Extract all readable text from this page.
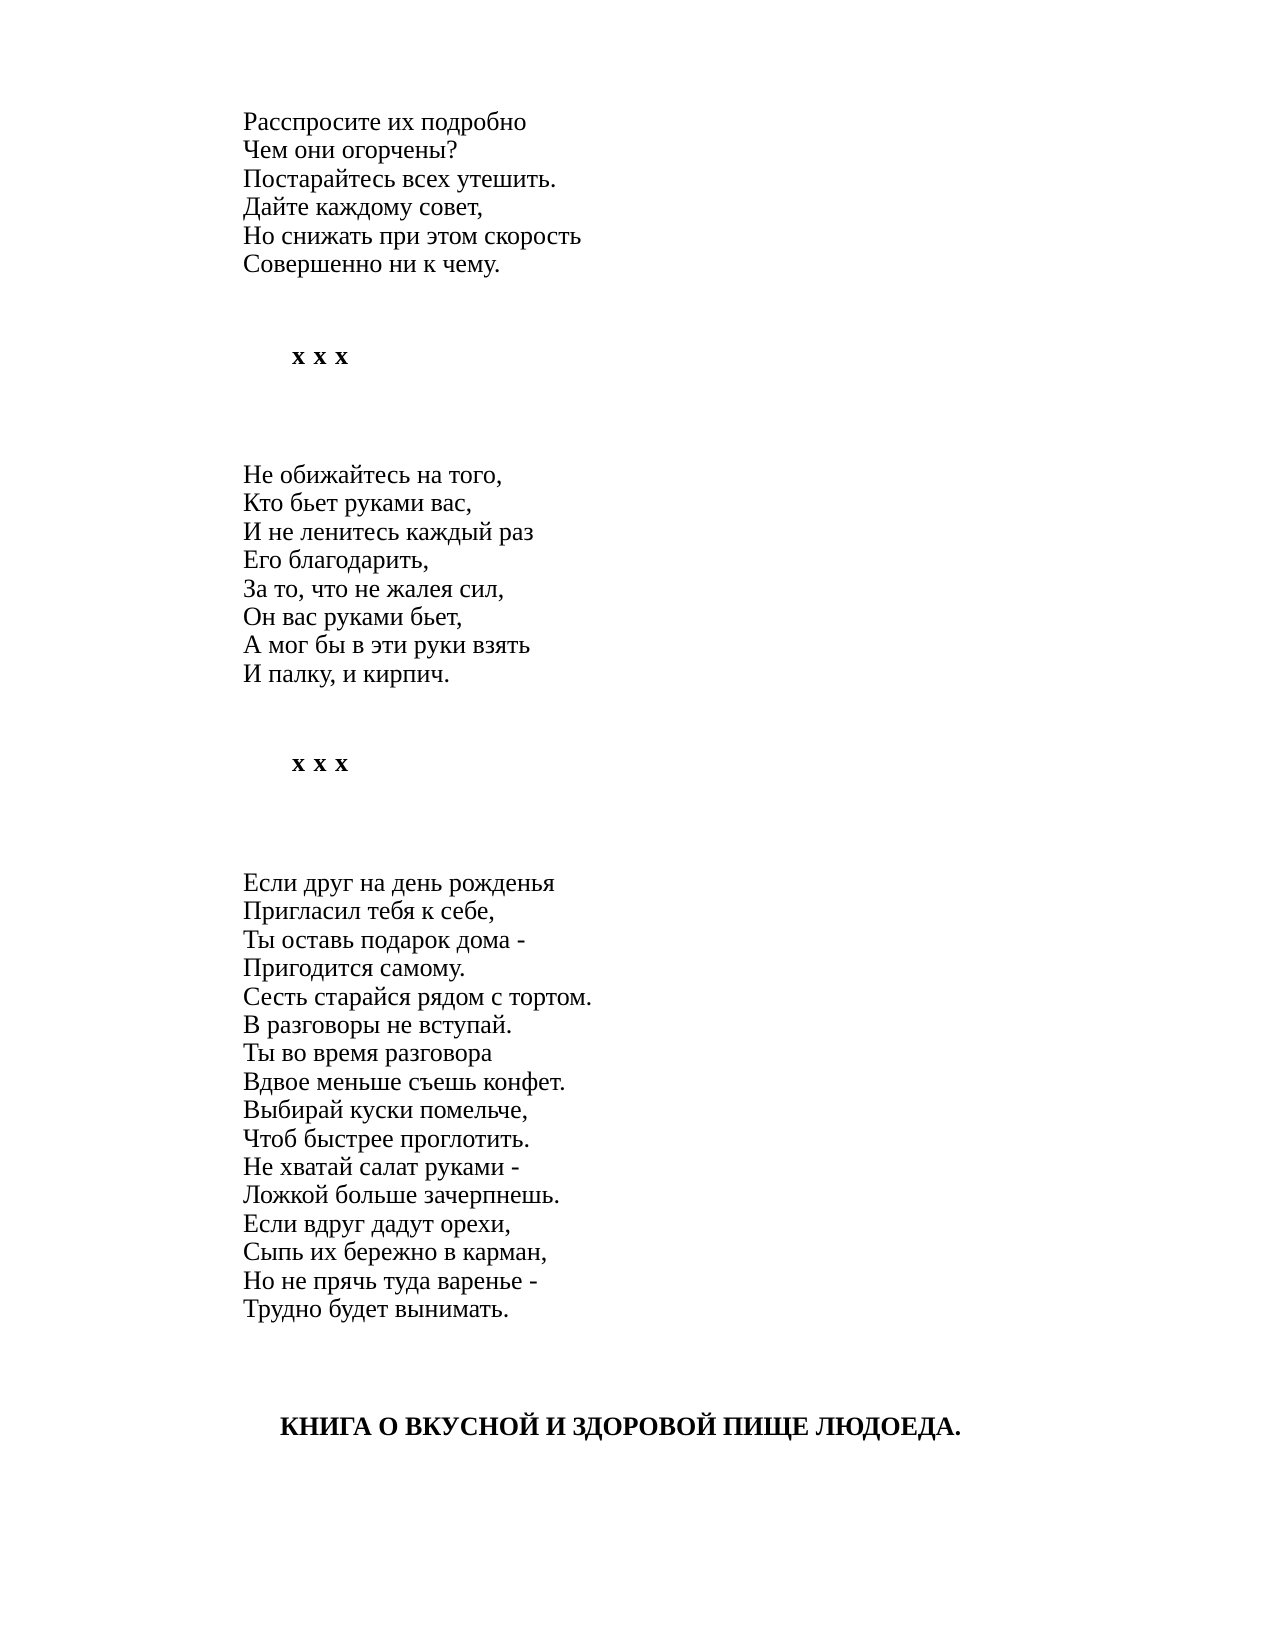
Расспросите их подробно
Чем они огорчены?
Постарайтесь всех утешить.
Дайте каждому совет,
Но снижать при этом скорость
Совершенно ни к чему.
х х х
Не обижайтесь на того,
Кто бьет руками вас,
И не ленитесь каждый раз
Его благодарить,
За то, что не жалея сил,
Он вас руками бьет,
А мог бы в эти руки взять
И палку, и кирпич.
х х х
Если друг на день рожденья
Пригласил тебя к себе,
Ты оставь подарок дома -
Пригодится самому.
Сесть старайся рядом с тортом.
В разговоры не вступай.
Ты во время разговора
Вдвое меньше съешь конфет.
Выбирай куски помельче,
Чтоб быстрее проглотить.
Не хватай салат руками -
Ложкой больше зачерпнешь.
Если вдруг дадут орехи,
Сыпь их бережно в карман,
Но не прячь туда варенье -
Трудно будет вынимать.
КНИГА О ВКУСНОЙ И ЗДОРОВОЙ ПИЩЕ ЛЮДОЕДА.
